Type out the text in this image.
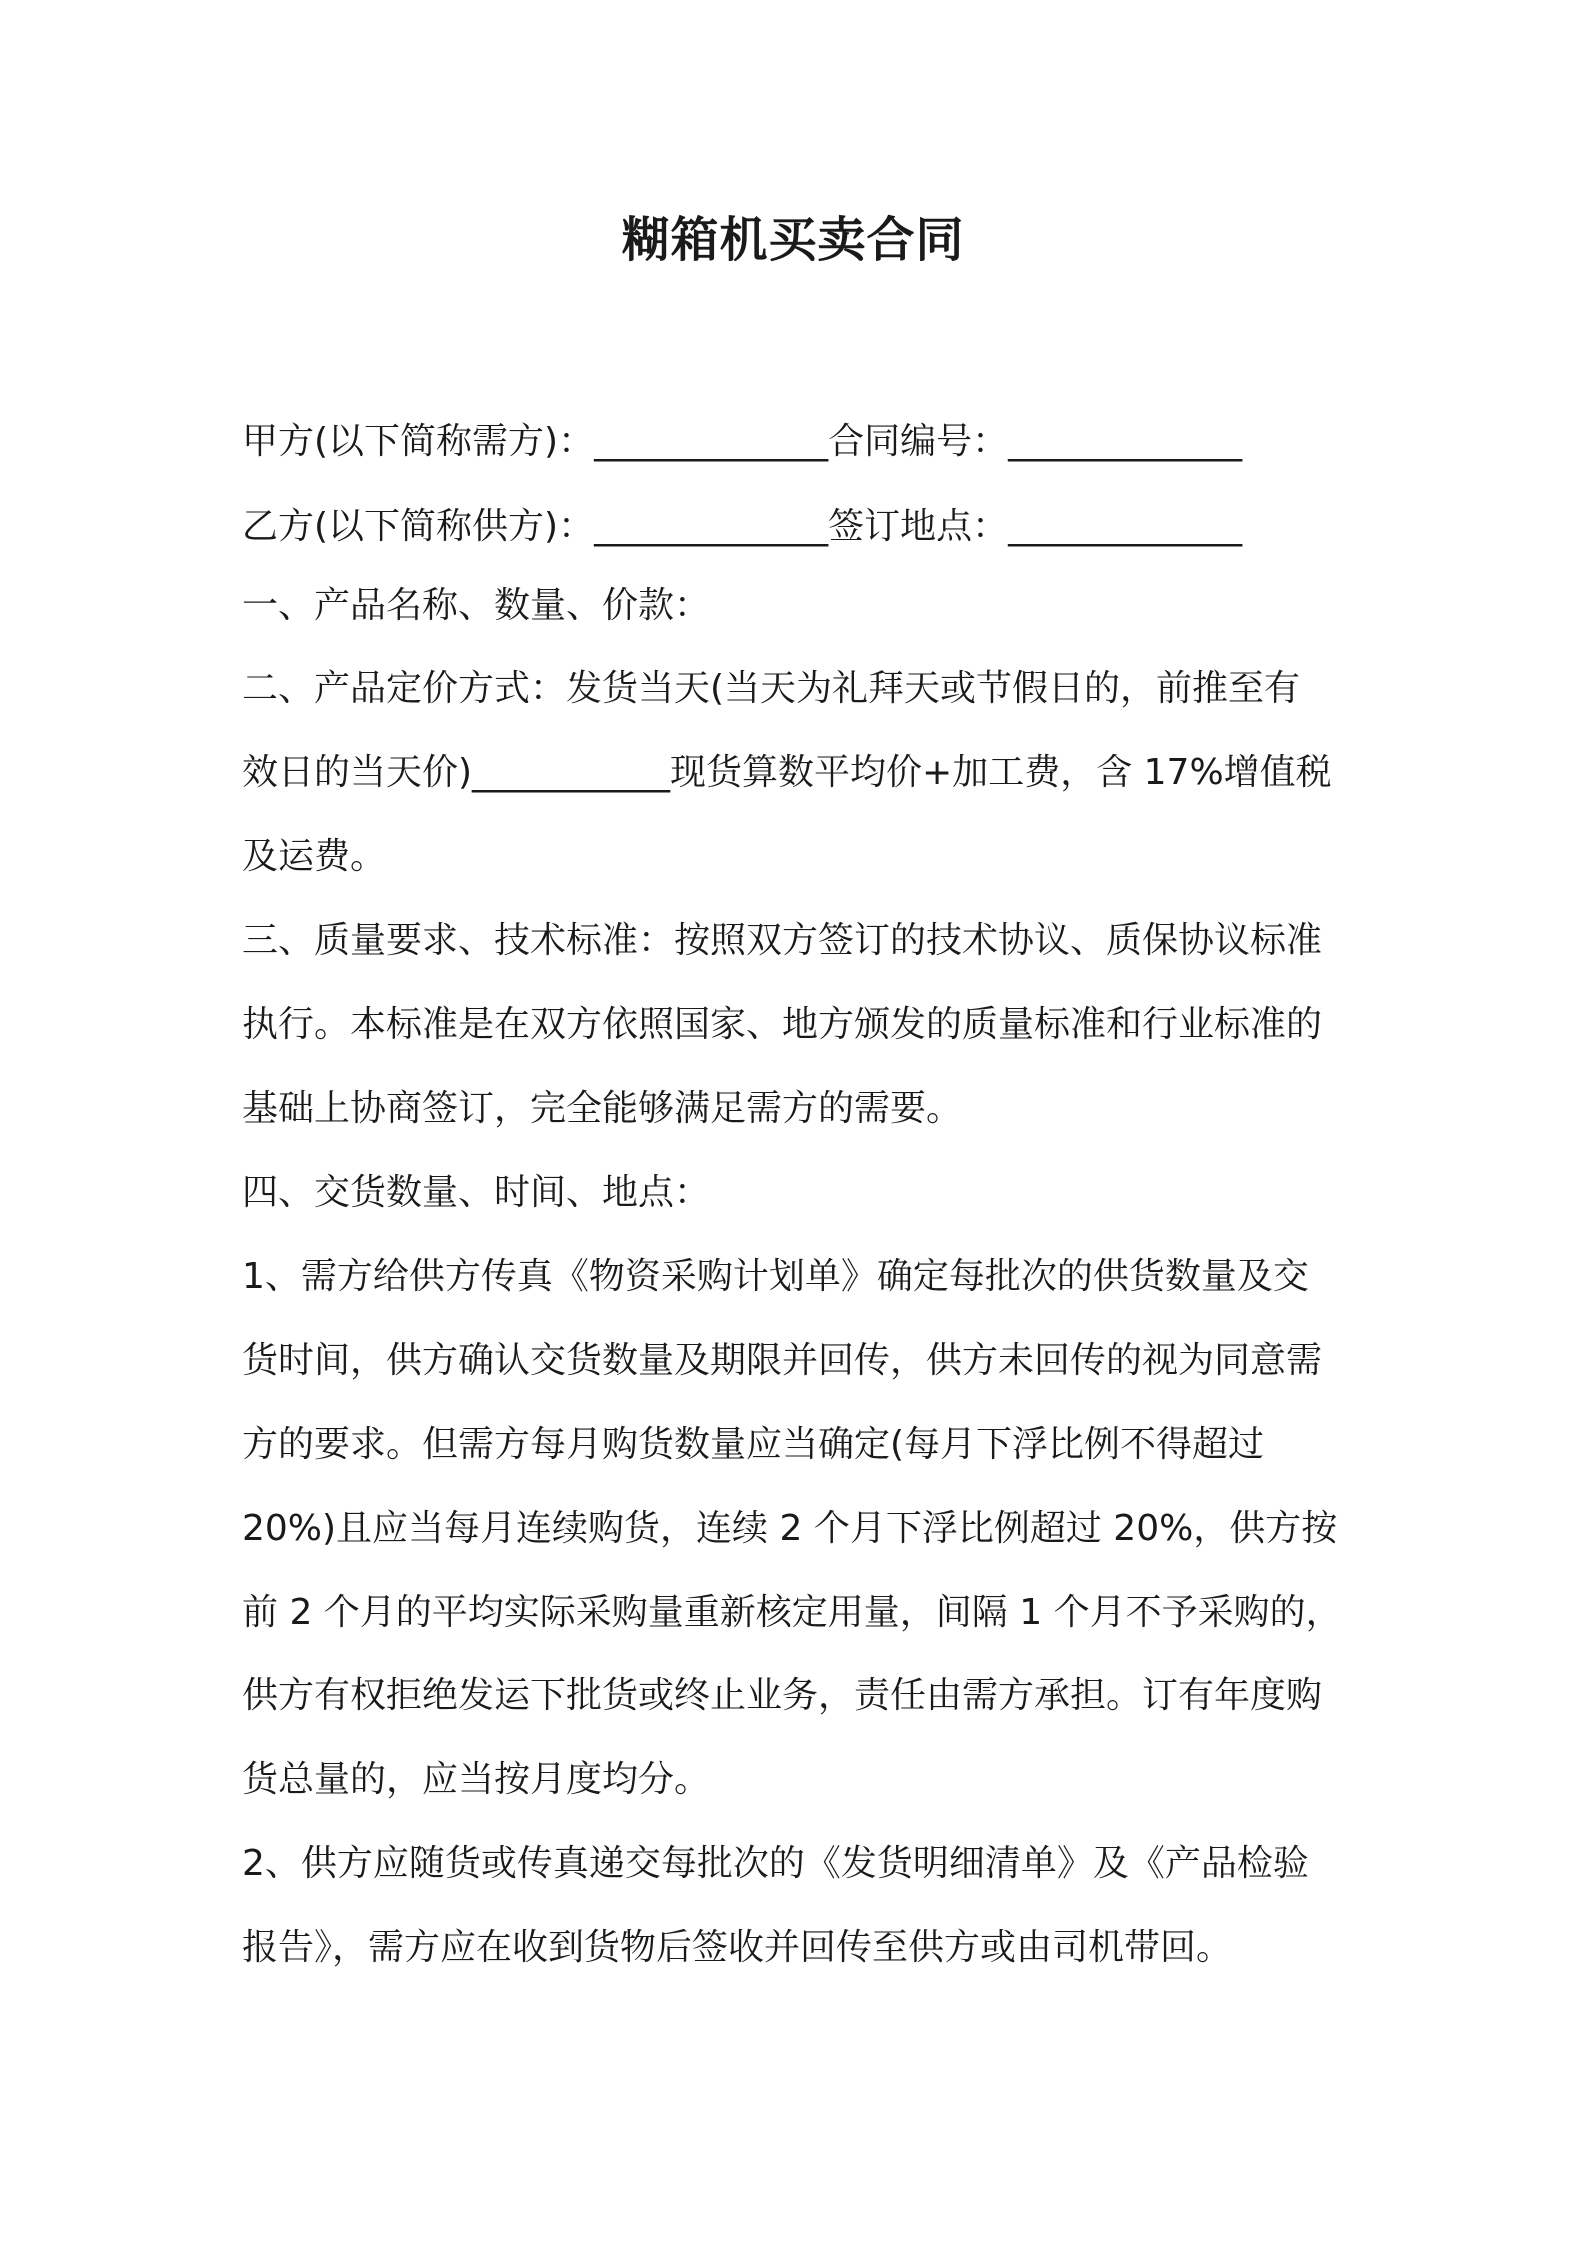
糊箱机买卖合同
甲方(以下简称需方)：_____________合同编号：_____________
乙方(以下简称供方)：_____________签订地点：_____________
一、产品名称、数量、价款：
二、产品定价方式：发货当天(当天为礼拜天或节假日的，前推至有
效日的当天价)___________现货算数平均价+加工费，含 17%增值税
及运费。
三、质量要求、技术标准：按照双方签订的技术协议、质保协议标准
执行。本标准是在双方依照国家、地方颁发的质量标准和行业标准的
基础上协商签订，完全能够满足需方的需要。
四、交货数量、时间、地点：
1、需方给供方传真《物资采购计划单》确定每批次的供货数量及交
货时间，供方确认交货数量及期限并回传，供方未回传的视为同意需
方的要求。但需方每月购货数量应当确定(每月下浮比例不得超过
20%)且应当每月连续购货，连续 2 个月下浮比例超过 20%，供方按
前 2 个月的平均实际采购量重新核定用量，间隔 1 个月不予采购的，
供方有权拒绝发运下批货或终止业务，责任由需方承担。订有年度购
货总量的，应当按月度均分。
2、供方应随货或传真递交每批次的《发货明细清单》及《产品检验
报告》，需方应在收到货物后签收并回传至供方或由司机带回。
